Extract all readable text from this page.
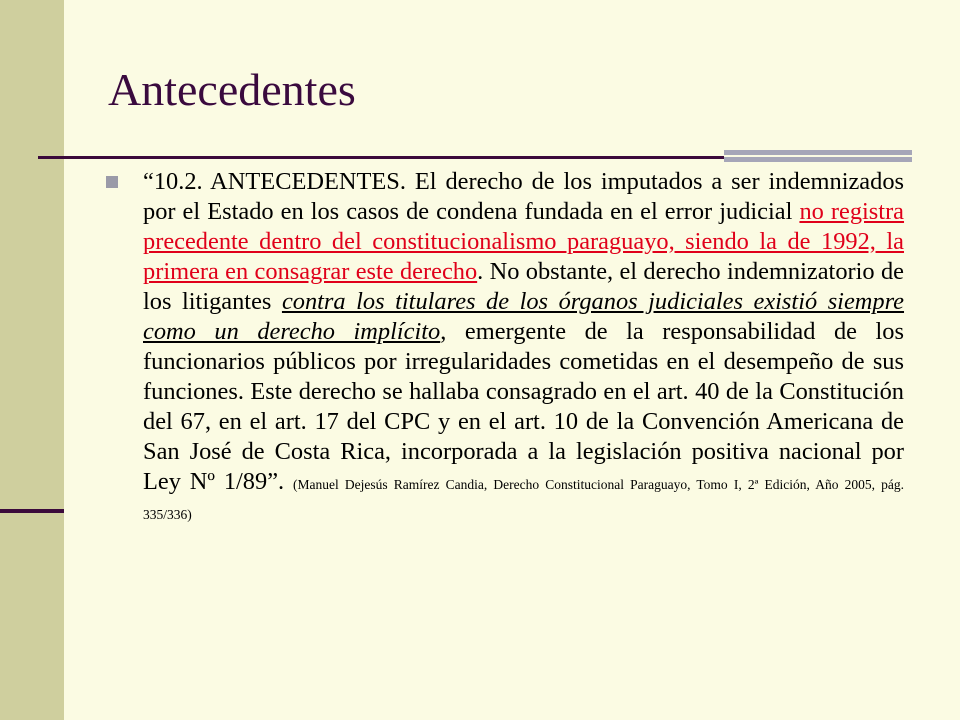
Antecedentes

“10.2. ANTECEDENTES. El derecho de los imputados a ser indemnizados por el Estado en los casos de condena fundada en el error judicial no registra precedente dentro del constitucionalismo paraguayo, siendo la de 1992, la primera en consagrar este derecho. No obstante, el derecho indemnizatorio de los litigantes contra los titulares de los órganos judiciales existió siempre como un derecho implícito, emergente de la responsabilidad de los funcionarios públicos por irregularidades cometidas en el desempeño de sus funciones. Este derecho se hallaba consagrado en el art. 40 de la Constitución del 67, en el art. 17 del CPC y en el art. 10 de la Convención Americana de San José de Costa Rica, incorporada a la legislación positiva nacional por Ley Nº 1/89”. (Manuel Dejesús Ramírez Candia, Derecho Constitucional Paraguayo, Tomo I, 2ª Edición, Año 2005, pág. 335/336)
